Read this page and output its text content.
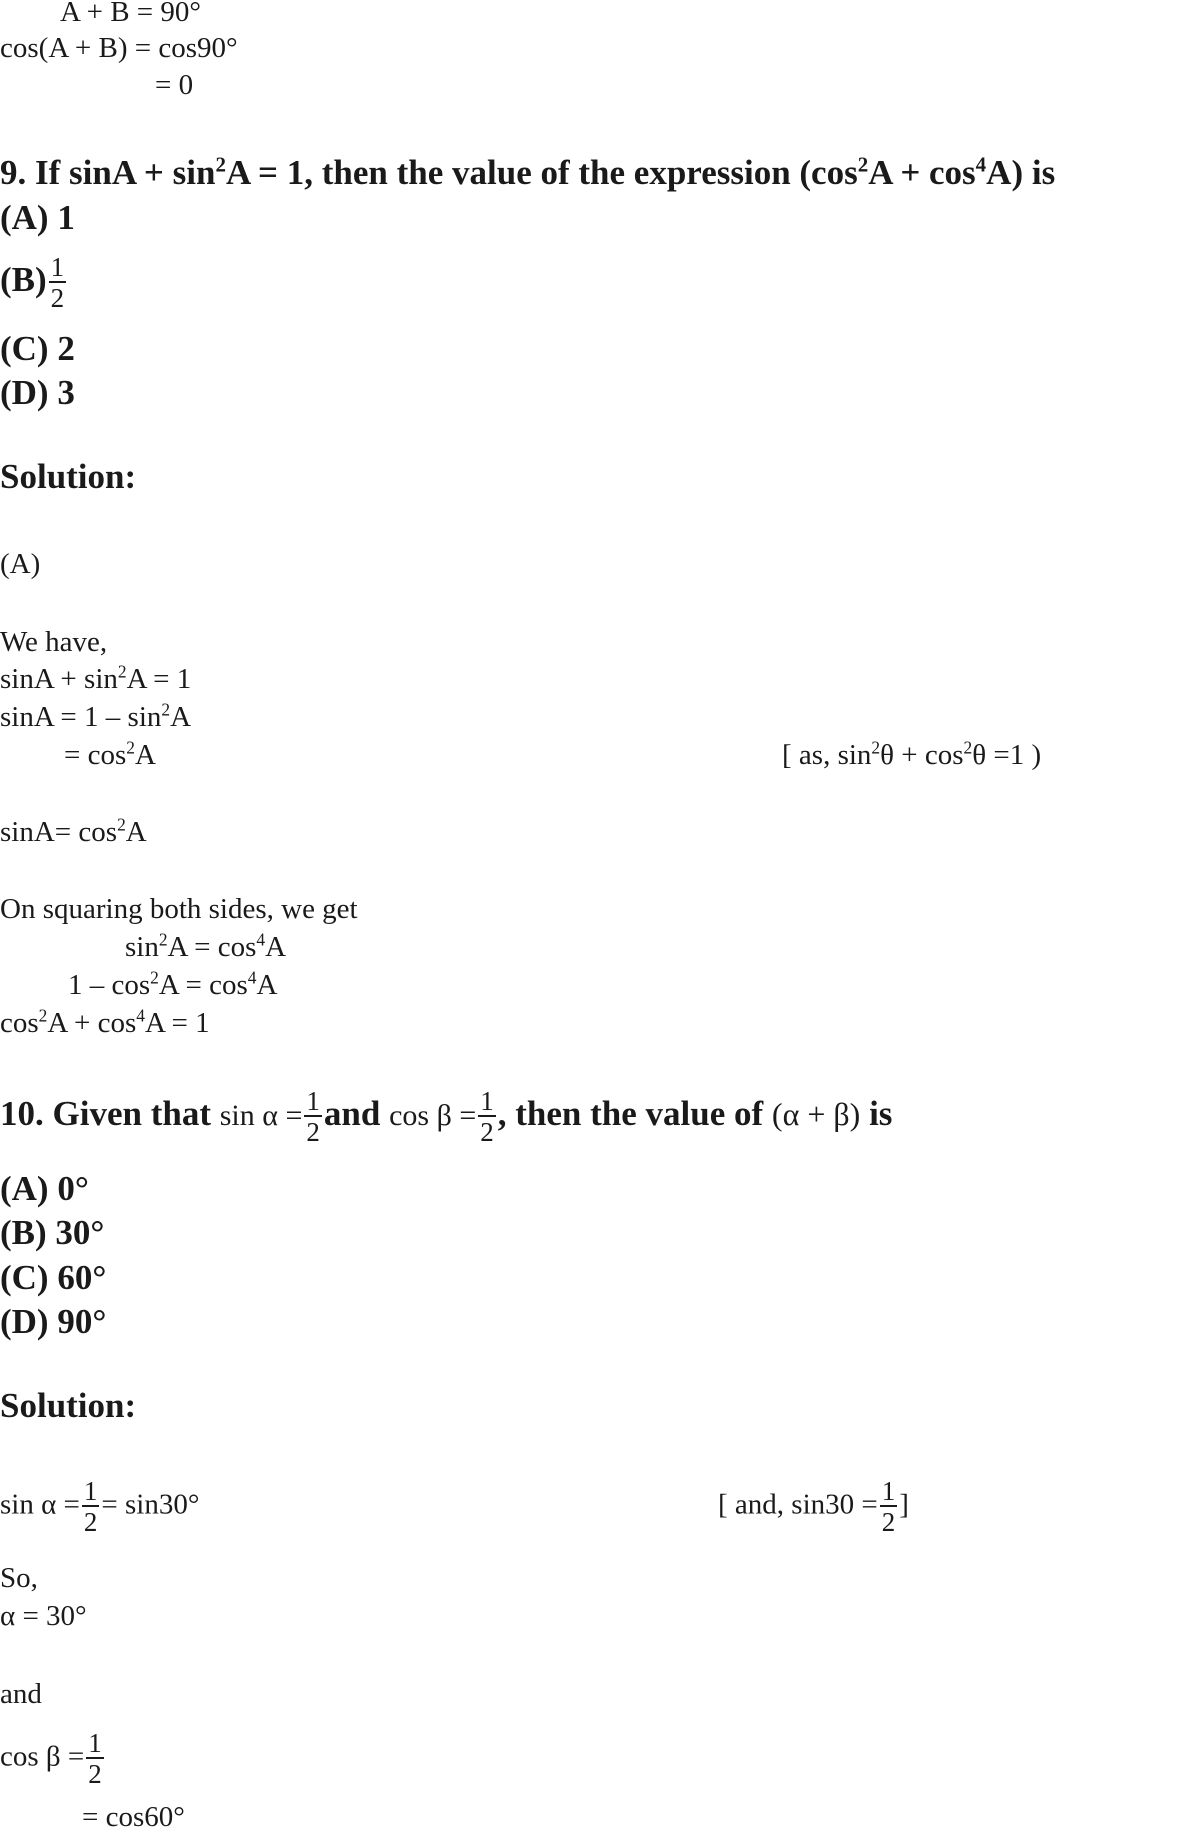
A + B = 90°
cos(A + B) = cos90°
= 0
9. If $\sin A + \sin^2A = 1$, then the value of the expression $(\cos^2A + \cos^4A)$ is
(A) 1
$(B) \frac{1}{2}$
(C) 2
(D) 3
Solution:
(A)
We have,
$\sin A + \sin^2A = 1$
$\sin A = 1 - \sin^2A$
= $\cos^2A$	[ as, $\sin^2\theta + \cos^2\theta =1$ )
$\sin A= \cos^2A$
On squaring both sides, we get
$\sin^2A = \cos^4A$
$1 - \cos^2A = \cos^4A$
$\cos^2A + \cos^4A = 1$
10. Given that $\sin \alpha = \frac{1}{2}$ and $\cos \beta = \frac{1}{2}$ , then the value of (α + β) is
(A) 0°
(B) 30°
(C) 60°
(D) 90°
Solution:
$\sin \alpha = \frac{1}{2} = \sin 30^\circ$	[ and, $\sin 30 = \frac{1}{2}$ ]
So,
α = 30°
and
$\cos \beta = \frac{1}{2}$
= cos60°
